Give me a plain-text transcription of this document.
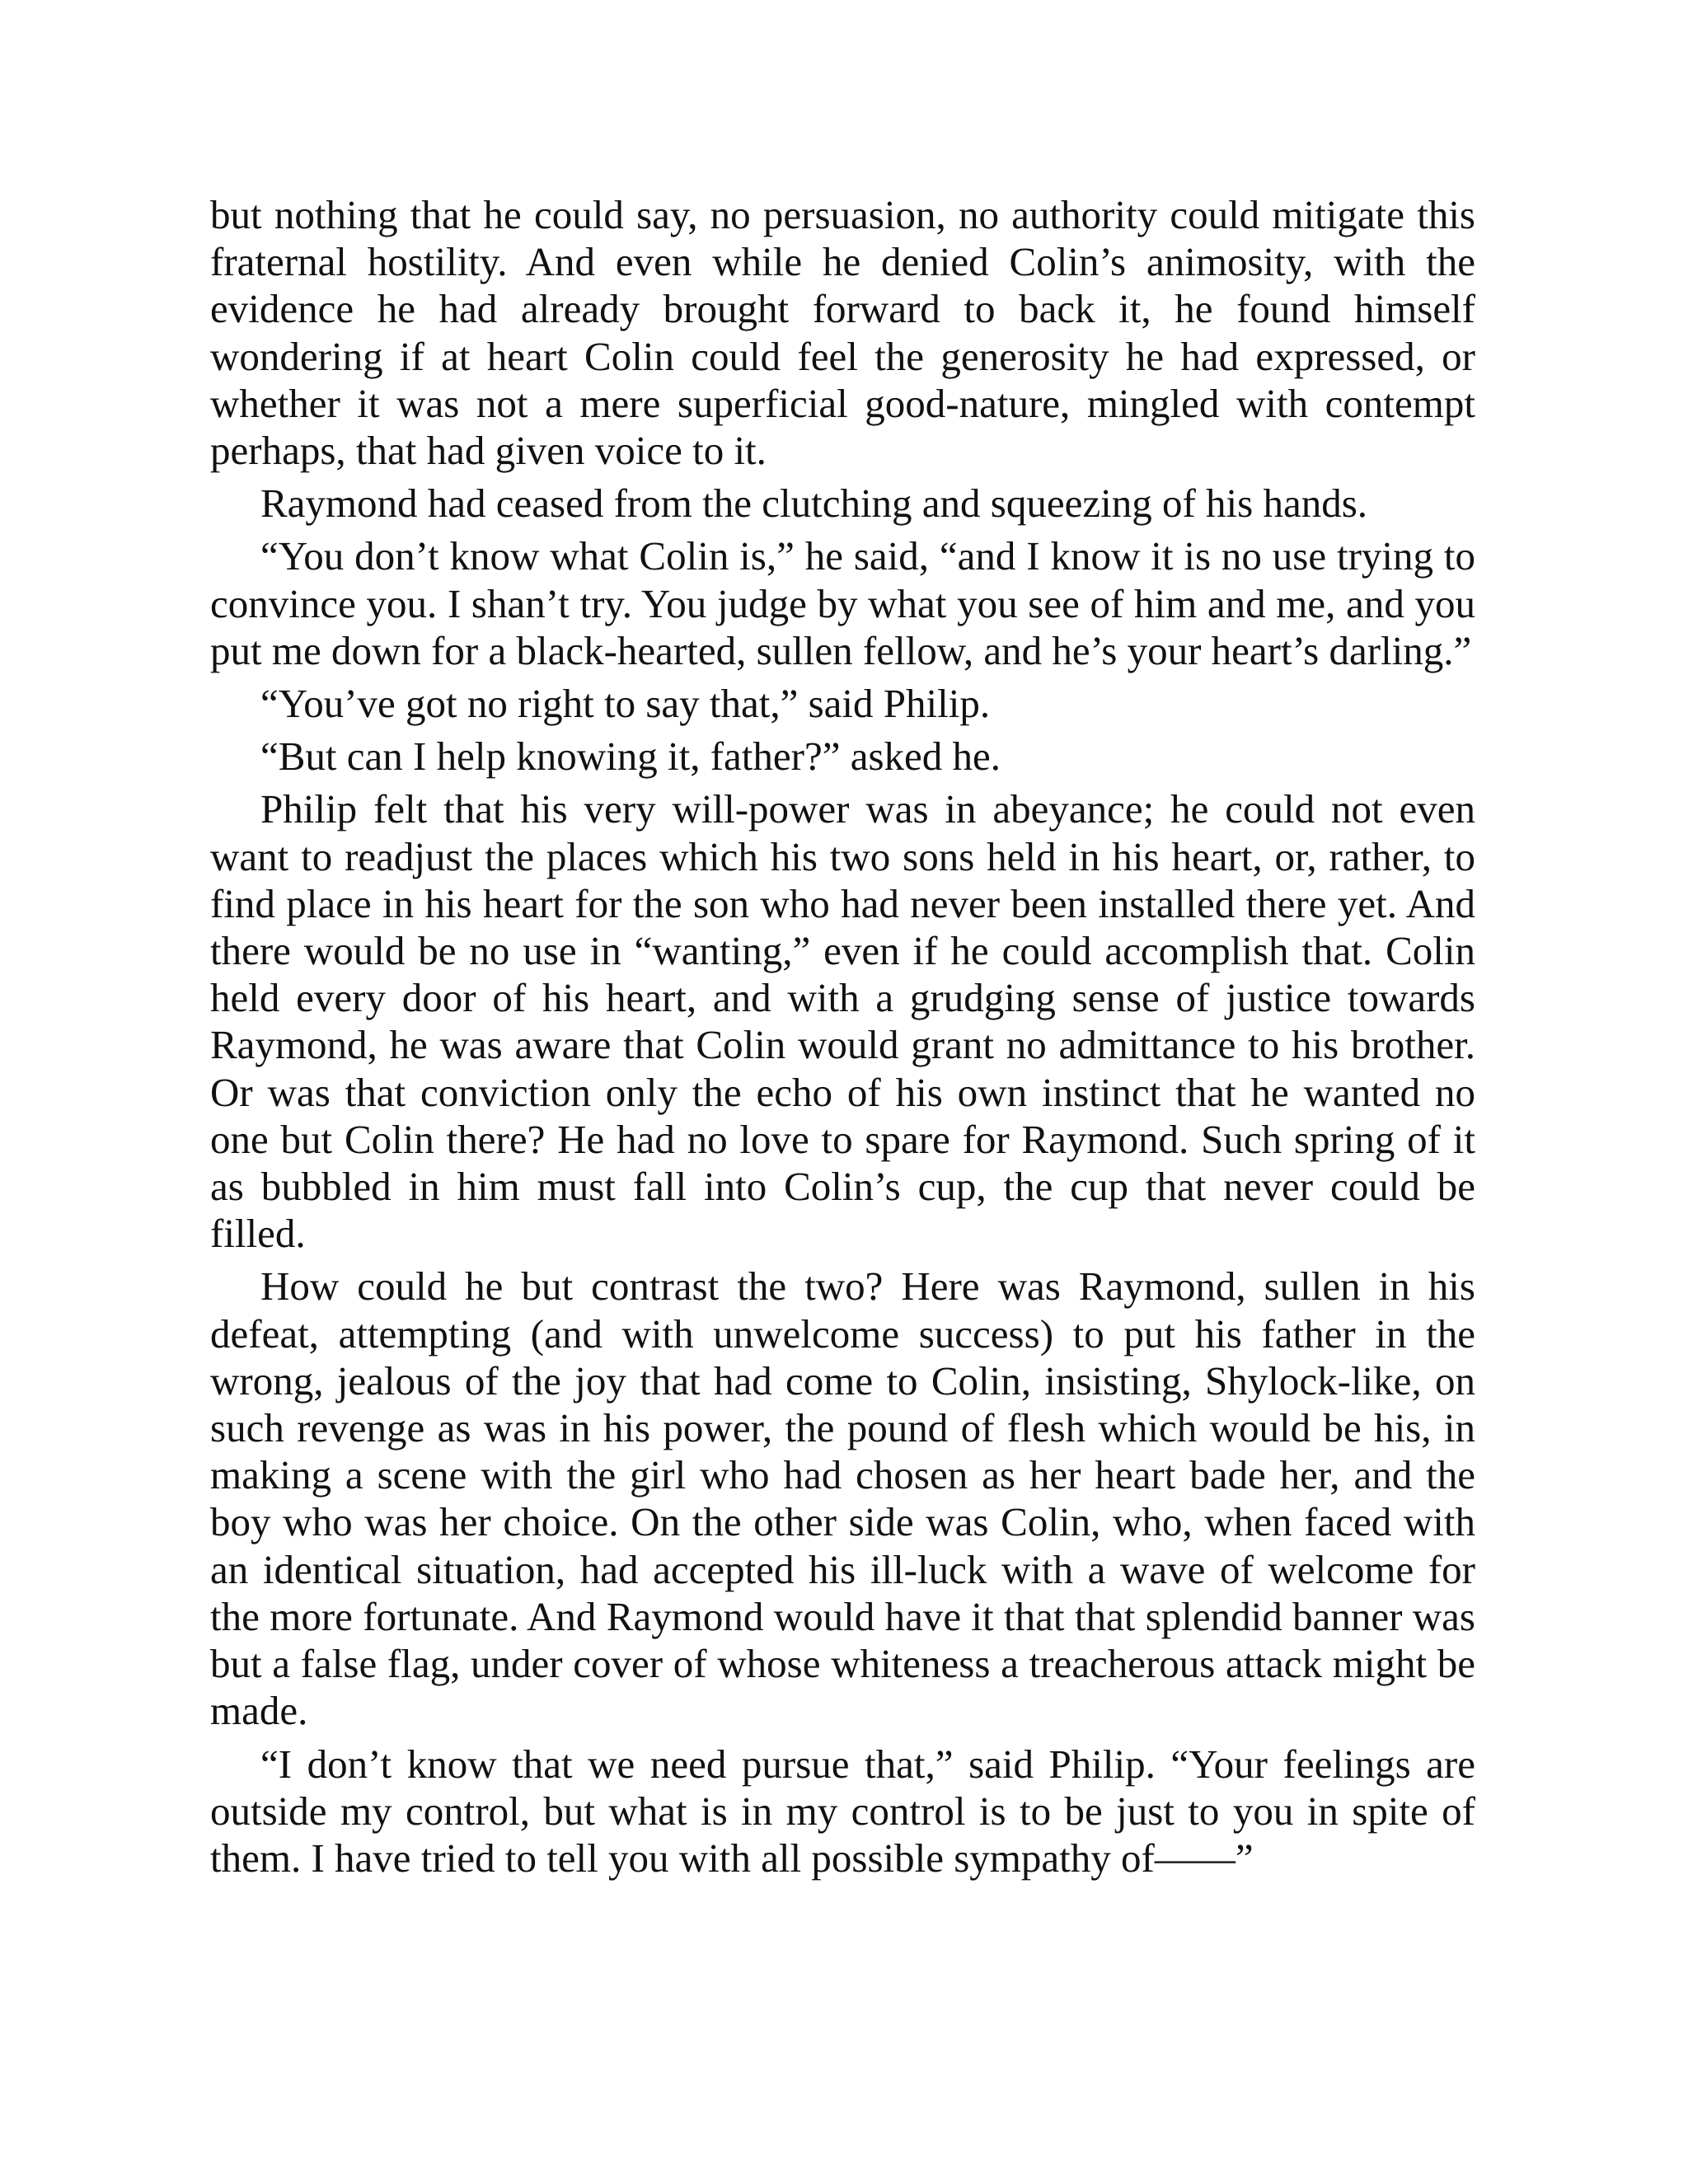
but nothing that he could say, no persuasion, no authority could mitigate this fraternal hostility. And even while he denied Colin’s animosity, with the evidence he had already brought forward to back it, he found himself wondering if at heart Colin could feel the generosity he had expressed, or whether it was not a mere superficial good-nature, mingled with contempt perhaps, that had given voice to it.

Raymond had ceased from the clutching and squeezing of his hands.

“You don’t know what Colin is,” he said, “and I know it is no use trying to convince you. I shan’t try. You judge by what you see of him and me, and you put me down for a black-hearted, sullen fellow, and he’s your heart’s darling.”

“You’ve got no right to say that,” said Philip.

“But can I help knowing it, father?” asked he.

Philip felt that his very will-power was in abeyance; he could not even want to readjust the places which his two sons held in his heart, or, rather, to find place in his heart for the son who had never been installed there yet. And there would be no use in “wanting,” even if he could accomplish that. Colin held every door of his heart, and with a grudging sense of justice towards Raymond, he was aware that Colin would grant no admittance to his brother. Or was that conviction only the echo of his own instinct that he wanted no one but Colin there? He had no love to spare for Raymond. Such spring of it as bubbled in him must fall into Colin’s cup, the cup that never could be filled.

How could he but contrast the two? Here was Raymond, sullen in his defeat, attempting (and with unwelcome success) to put his father in the wrong, jealous of the joy that had come to Colin, insisting, Shylock-like, on such revenge as was in his power, the pound of flesh which would be his, in making a scene with the girl who had chosen as her heart bade her, and the boy who was her choice. On the other side was Colin, who, when faced with an identical situation, had accepted his ill-luck with a wave of welcome for the more fortunate. And Raymond would have it that that splendid banner was but a false flag, under cover of whose whiteness a treacherous attack might be made.

“I don’t know that we need pursue that,” said Philip. “Your feelings are outside my control, but what is in my control is to be just to you in spite of them. I have tried to tell you with all possible sympathy of——”
